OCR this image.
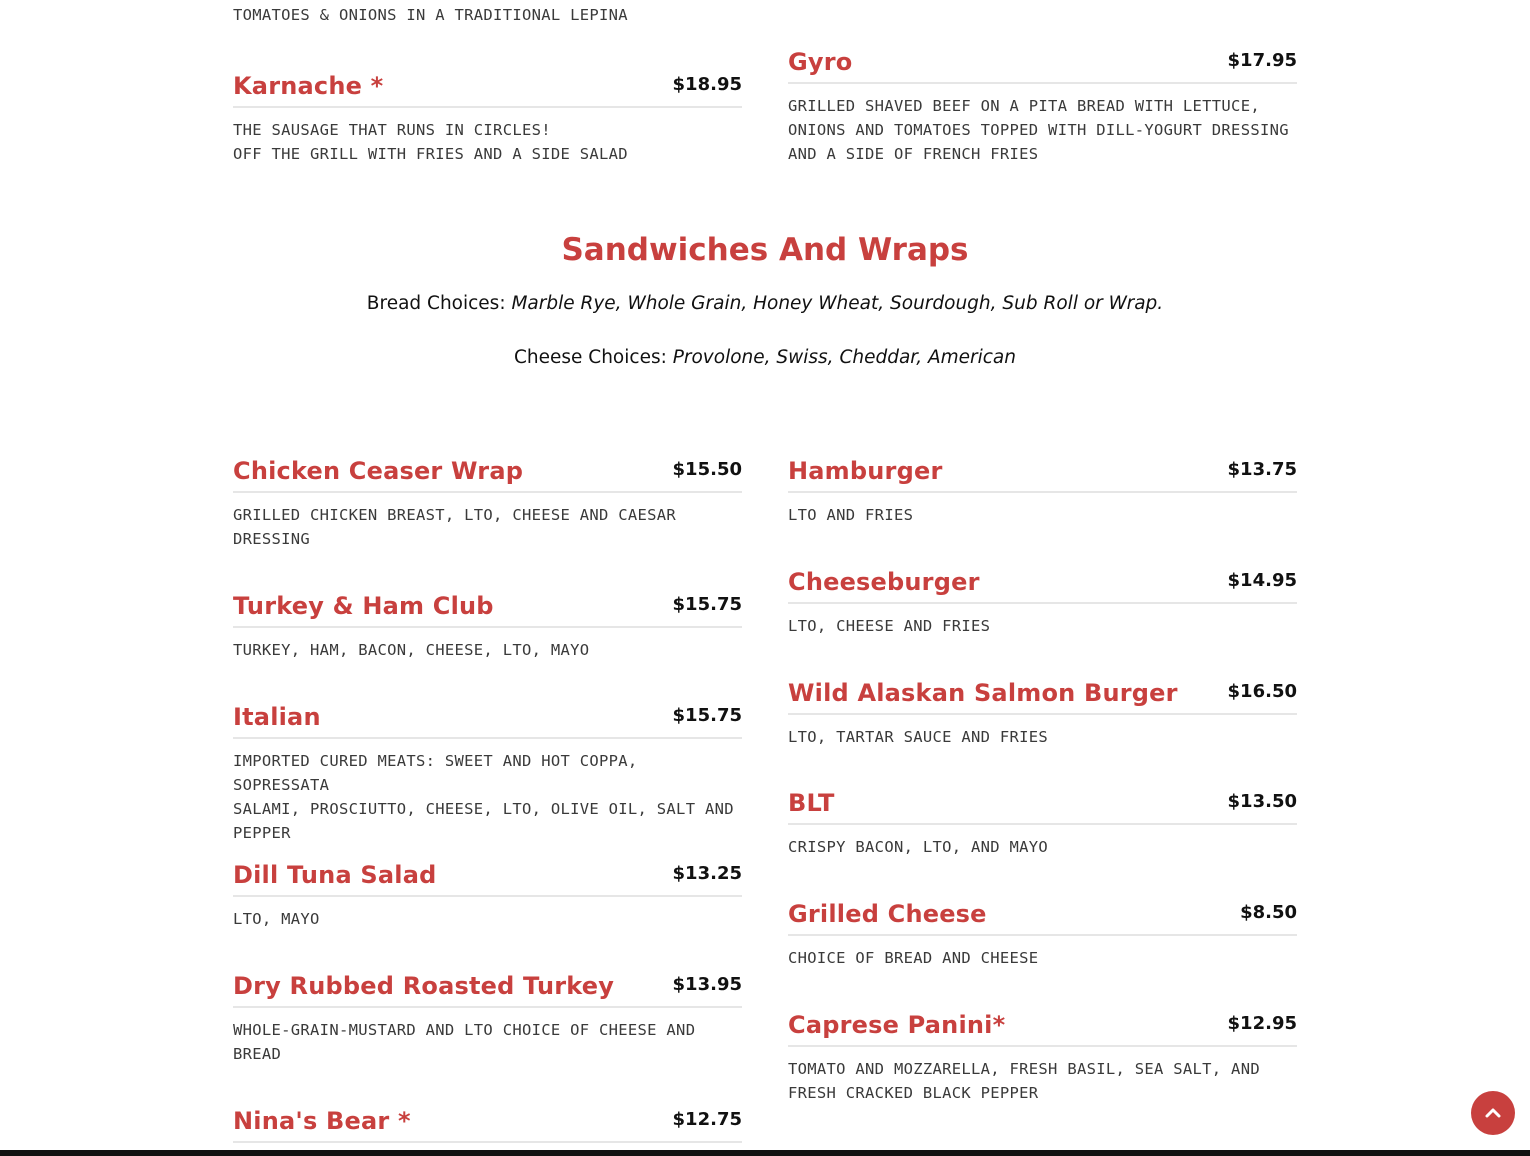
TOMATOES & ONIONS IN A TRADITIONAL LEPINA
Karnache *	$18.95
THE SAUSAGE THAT RUNS IN CIRCLES!
OFF THE GRILL WITH FRIES AND A SIDE SALAD
Gyro	$17.95
GRILLED SHAVED BEEF ON A PITA BREAD WITH LETTUCE,
ONIONS AND TOMATOES TOPPED WITH DILL-YOGURT DRESSING
AND A SIDE OF FRENCH FRIES
Sandwiches And Wraps
Bread Choices: Marble Rye, Whole Grain, Honey Wheat, Sourdough, Sub Roll or Wrap.
Cheese Choices: Provolone, Swiss, Cheddar, American
Chicken Ceaser Wrap	$15.50
GRILLED CHICKEN BREAST, LTO, CHEESE AND CAESAR
DRESSING
Turkey & Ham Club	$15.75
TURKEY, HAM, BACON, CHEESE, LTO, MAYO
Italian	$15.75
IMPORTED CURED MEATS: SWEET AND HOT COPPA, SOPRESSATA
SALAMI, PROSCIUTTO, CHEESE, LTO, OLIVE OIL, SALT AND
PEPPER
Dill Tuna Salad	$13.25
LTO, MAYO
Dry Rubbed Roasted Turkey	$13.95
WHOLE-GRAIN-MUSTARD AND LTO CHOICE OF CHEESE AND
BREAD
Nina's Bear *	$12.75
Hamburger	$13.75
LTO AND FRIES
Cheeseburger	$14.95
LTO, CHEESE AND FRIES
Wild Alaskan Salmon Burger	$16.50
LTO, TARTAR SAUCE AND FRIES
BLT	$13.50
CRISPY BACON, LTO, AND MAYO
Grilled Cheese	$8.50
CHOICE OF BREAD AND CHEESE
Caprese Panini*	$12.95
TOMATO AND MOZZARELLA, FRESH BASIL, SEA SALT, AND
FRESH CRACKED BLACK PEPPER
